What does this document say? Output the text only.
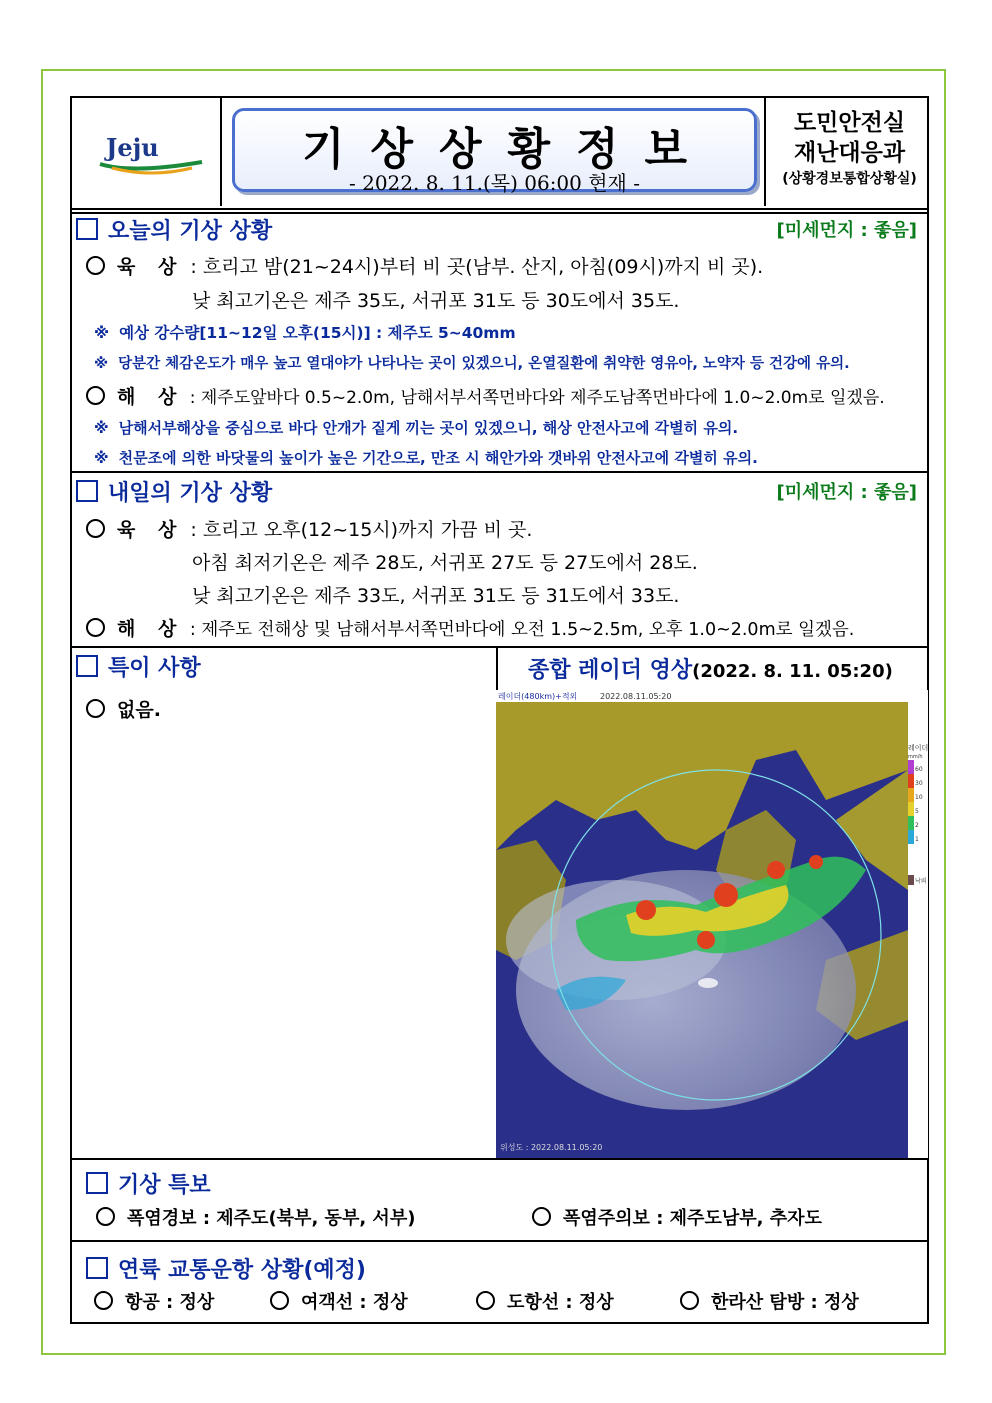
Jeju	기상상황정보
- 2022. 8. 11.(목) 06:00 현재 -
도민안전실
재난대응과
(상황경보통합상황실)
오늘의 기상 상황	[미세먼지 : 좋음]
육 상 : 흐리고 밤(21~24시)부터 비 곳(남부. 산지, 아침(09시)까지 비 곳).
낮 최고기온은 제주 35도, 서귀포 31도 등 30도에서 35도.
※ 예상 강수량[11~12일 오후(15시)] : 제주도 5~40mm
※ 당분간 체감온도가 매우 높고 열대야가 나타나는 곳이 있겠으니, 온열질환에 취약한 영유아, 노약자 등 건강에 유의.
해 상 : 제주도앞바다 0.5~2.0m, 남해서부서쪽먼바다와 제주도남쪽먼바다에 1.0~2.0m로 일겠음.
※ 남해서부해상을 중심으로 바다 안개가 짙게 끼는 곳이 있겠으니, 해상 안전사고에 각별히 유의.
※ 천문조에 의한 바닷물의 높이가 높은 기간으로, 만조 시 해안가와 갯바위 안전사고에 각별히 유의.
내일의 기상 상황	[미세먼지 : 좋음]
육 상 : 흐리고 오후(12~15시)까지 가끔 비 곳.
아침 최저기온은 제주 28도, 서귀포 27도 등 27도에서 28도.
낮 최고기온은 제주 33도, 서귀포 31도 등 31도에서 33도.
해 상 : 제주도 전해상 및 남해서부서쪽먼바다에 오전 1.5~2.5m, 오후 1.0~2.0m로 일겠음.
특이 사항
없음.
종합 레이더 영상(2022. 8. 11. 05:20)
레이더
mm/h
60
30
10
5
2
1
낙뢰
레이더(480km)+적외	2022.08.11.05:20
위성도 : 2022.08.11.05:20
기상 특보
폭염경보 : 제주도(북부, 동부, 서부)	폭염주의보 : 제주도남부, 추자도
연륙 교통운항 상황(예정)
항공 : 정상	여객선 : 정상	도항선 : 정상	한라산 탐방 : 정상
